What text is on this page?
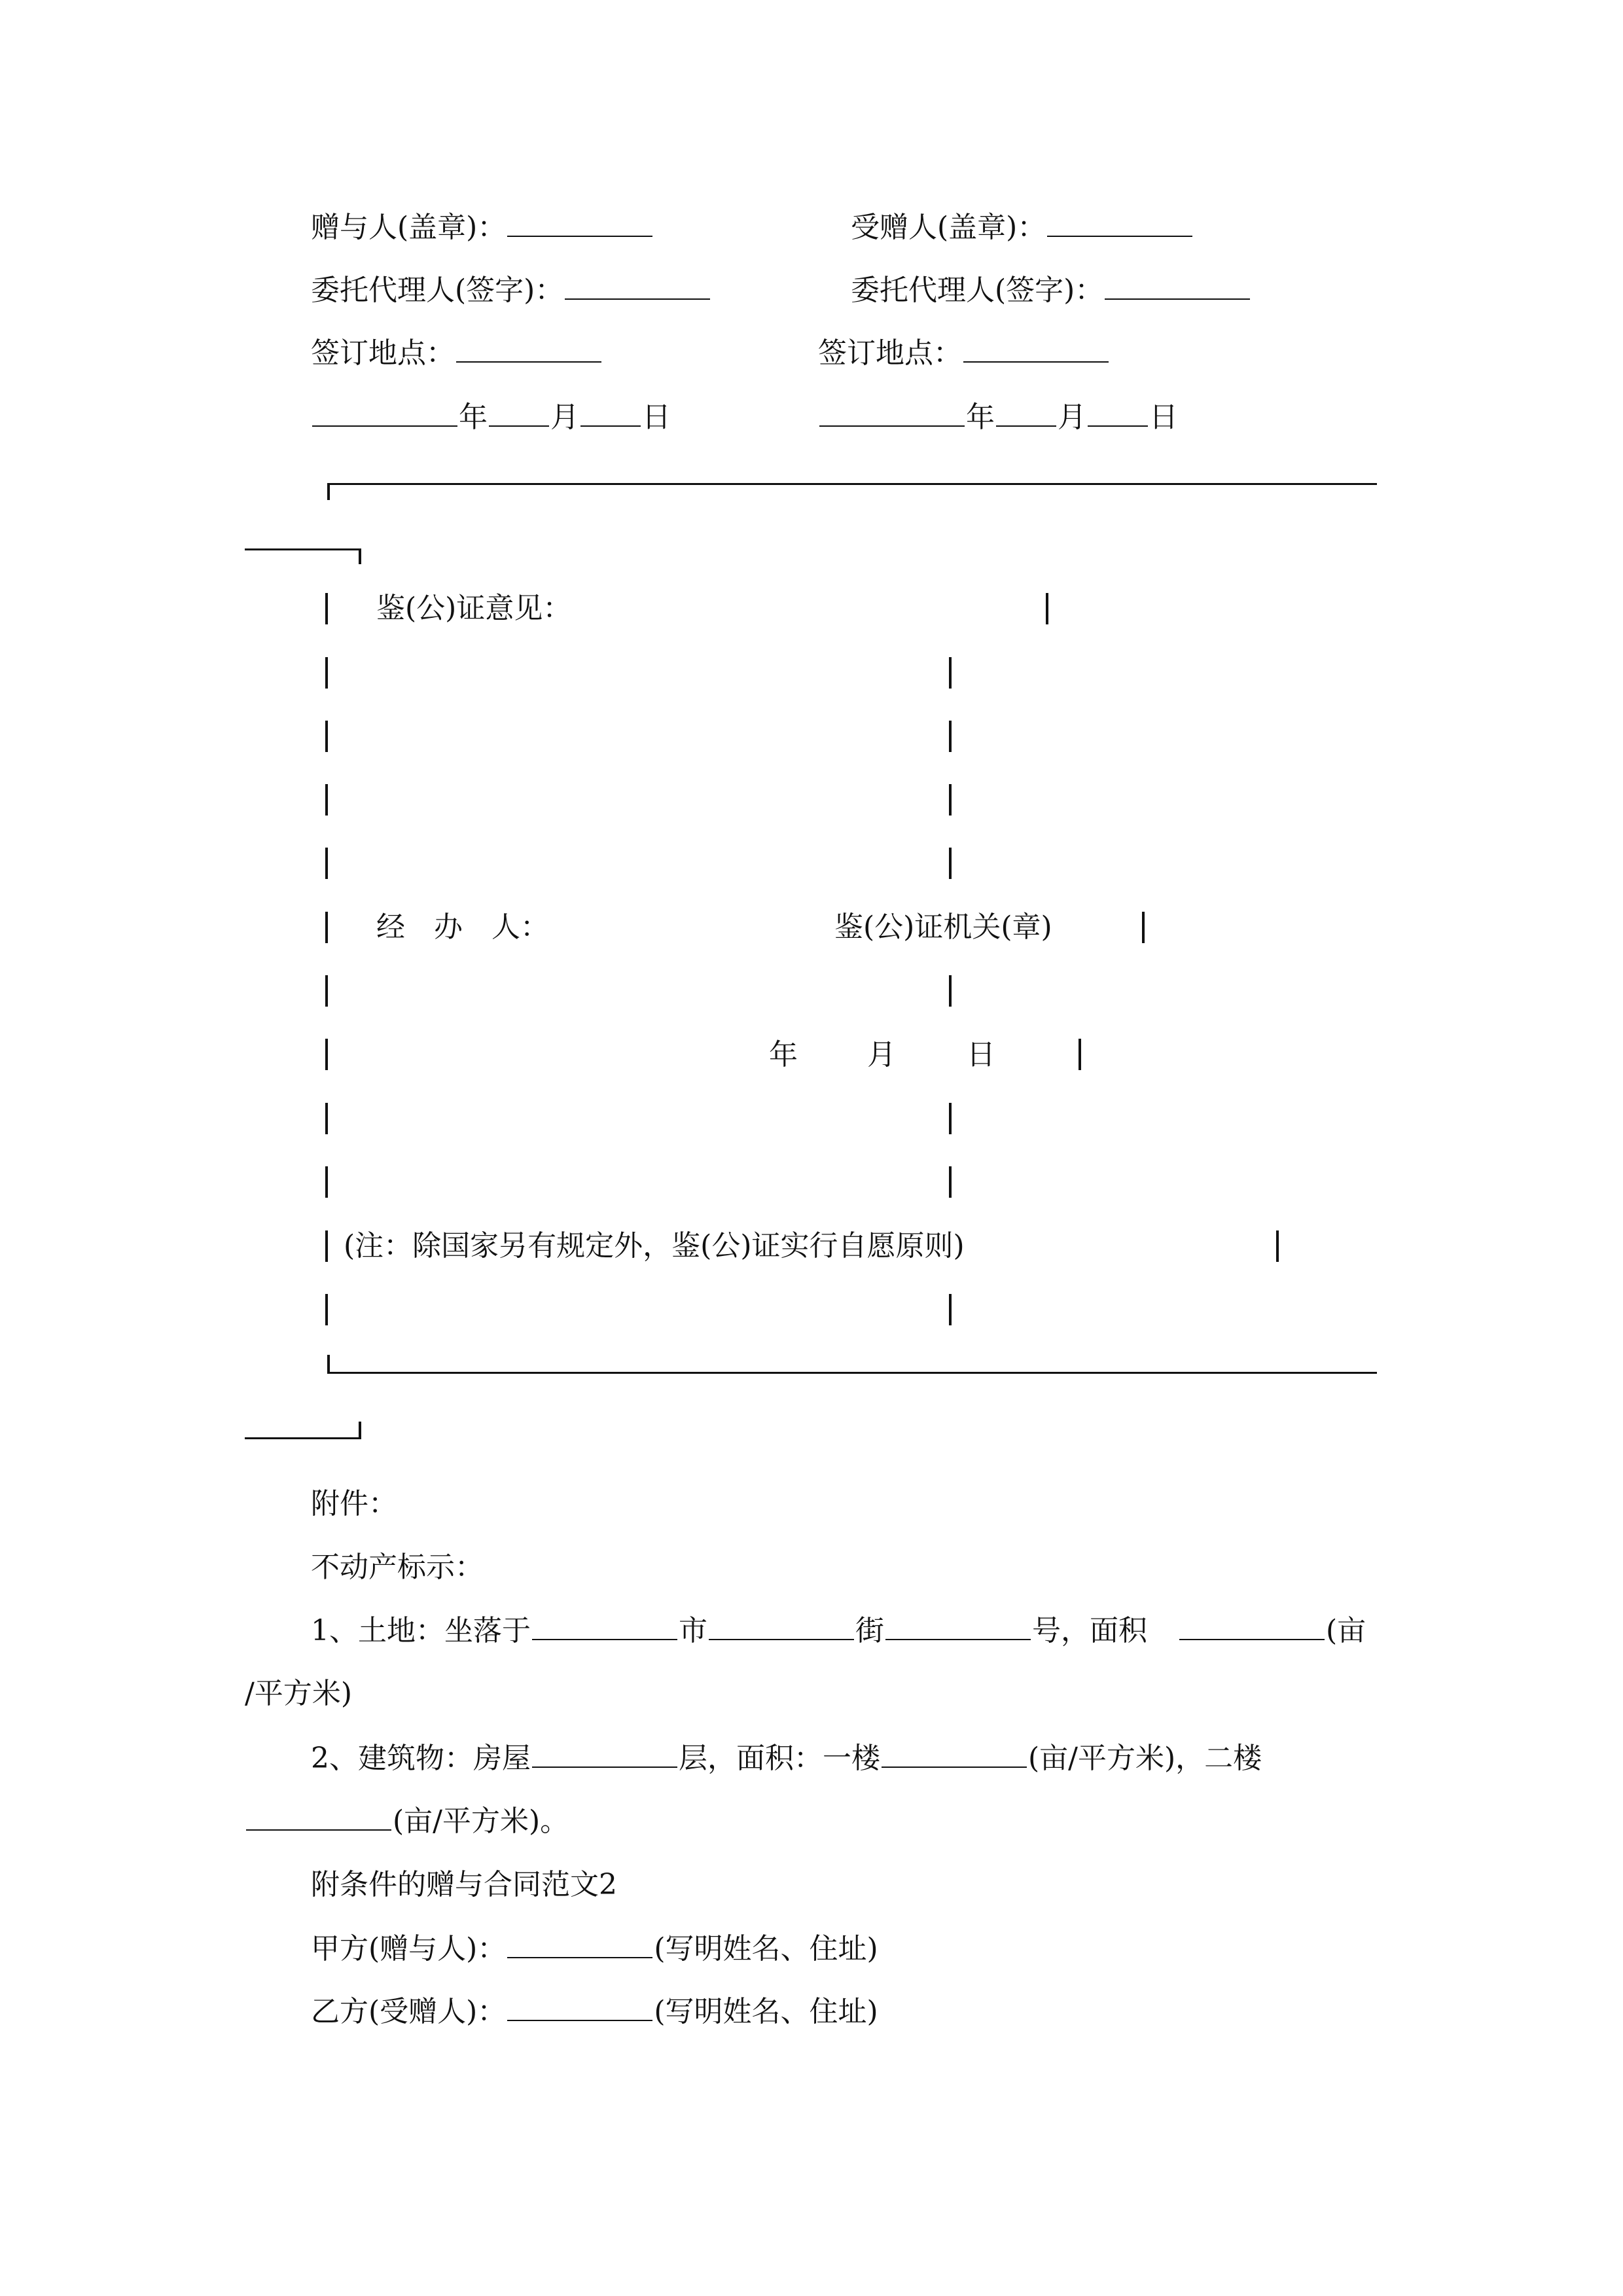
赠与人(盖章)：	受赠人(盖章)：
委托代理人(签字)：	委托代理人(签字)：
签订地点：	签订地点：
年 月 日	年 月 日
鉴(公)证意见：
经　办　人：	鉴(公)证机关(章)
年 月 日
(注：除国家另有规定外，鉴(公)证实行自愿原则)
附件：
不动产标示：
1、土地：坐落于	市	街	号，面积	(亩
/平方米)
2、建筑物：房屋	层，面积：一楼	(亩/平方米)，二楼
(亩/平方米)。
附条件的赠与合同范文2
甲方(赠与人)：	(写明姓名、住址)
乙方(受赠人)：	(写明姓名、住址)
